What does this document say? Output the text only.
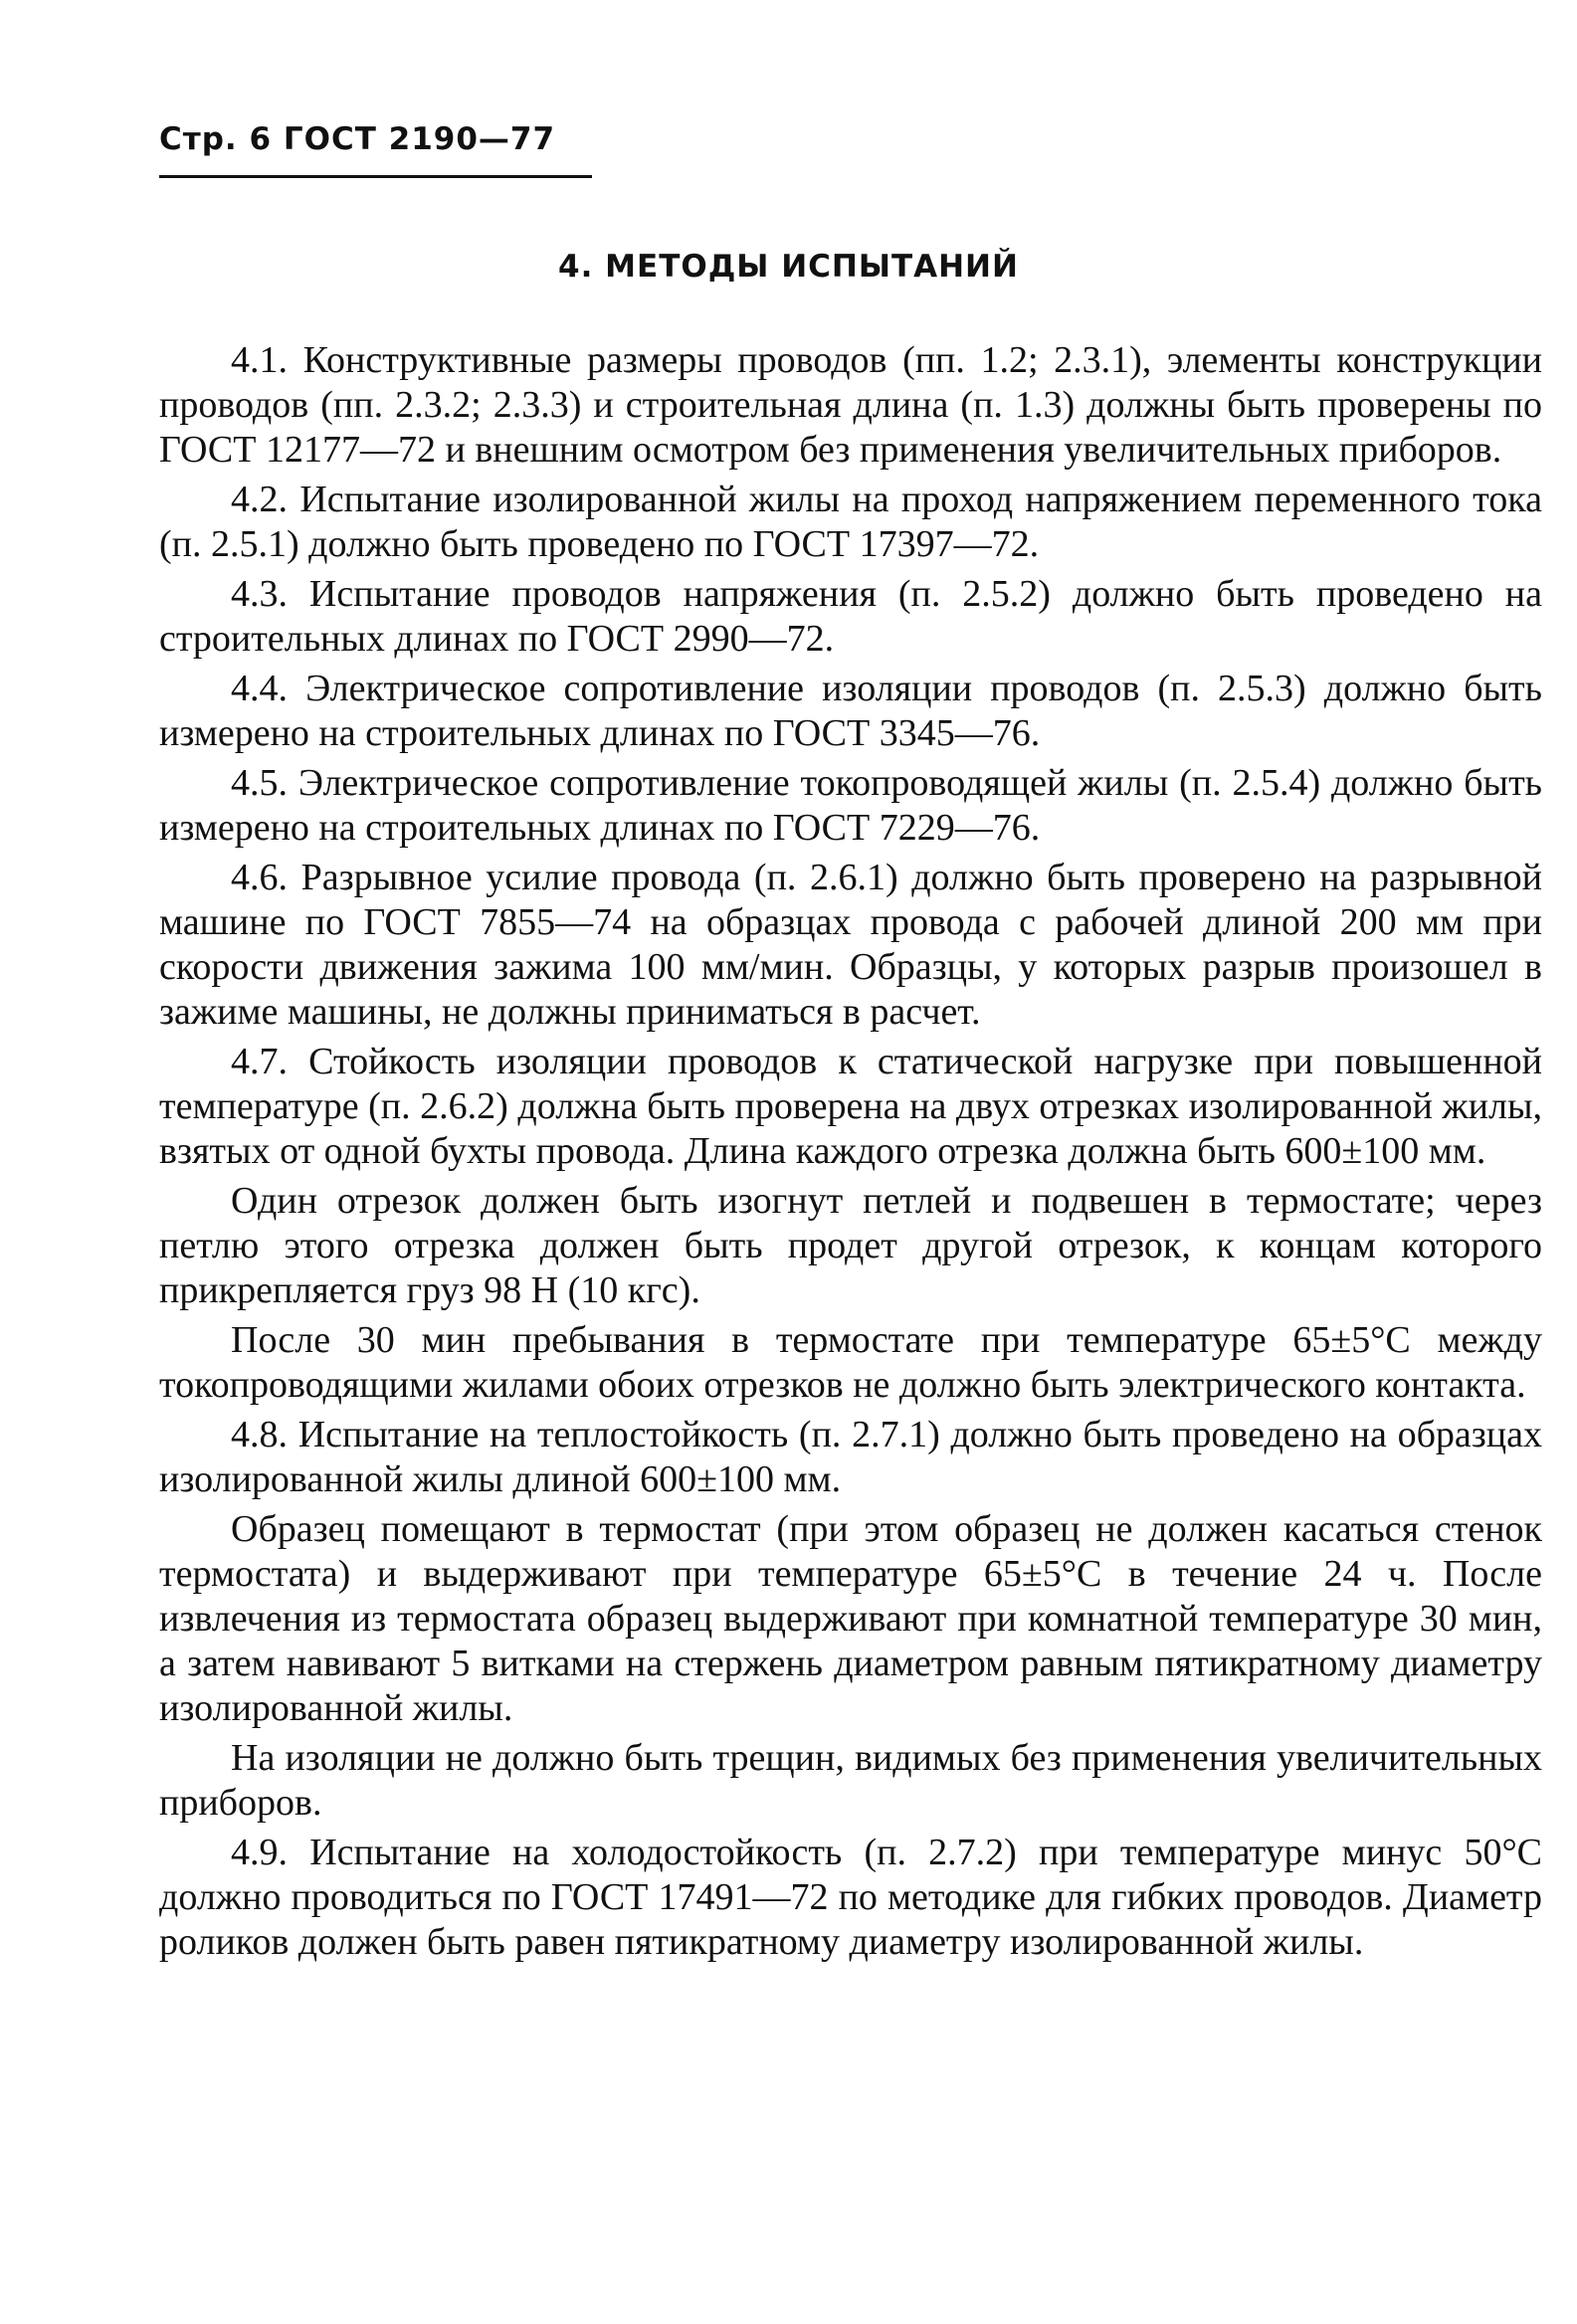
Стр. 6 ГОСТ 2190—77
4. МЕТОДЫ ИСПЫТАНИЙ

4.1. Конструктивные размеры проводов (пп. 1.2; 2.3.1), элементы конструкции проводов (пп. 2.3.2; 2.3.3) и строительная длина (п. 1.3) должны быть проверены по ГОСТ 12177—72 и внешним осмотром без применения увеличительных приборов.

4.2. Испытание изолированной жилы на проход напряжением переменного тока (п. 2.5.1) должно быть проведено по ГОСТ 17397—72.

4.3. Испытание проводов напряжения (п. 2.5.2) должно быть проведено на строительных длинах по ГОСТ 2990—72.

4.4. Электрическое сопротивление изоляции проводов (п. 2.5.3) должно быть измерено на строительных длинах по ГОСТ 3345—76.

4.5. Электрическое сопротивление токопроводящей жилы (п. 2.5.4) должно быть измерено на строительных длинах по ГОСТ 7229—76.

4.6. Разрывное усилие провода (п. 2.6.1) должно быть проверено на разрывной машине по ГОСТ 7855—74 на образцах провода с рабочей длиной 200 мм при скорости движения зажима 100 мм/мин. Образцы, у которых разрыв произошел в зажиме машины, не должны приниматься в расчет.

4.7. Стойкость изоляции проводов к статической нагрузке при повышенной температуре (п. 2.6.2) должна быть проверена на двух отрезках изолированной жилы, взятых от одной бухты провода. Длина каждого отрезка должна быть 600±100 мм.

Один отрезок должен быть изогнут петлей и подвешен в термостате; через петлю этого отрезка должен быть продет другой отрезок, к концам которого прикрепляется груз 98 Н (10 кгс).

После 30 мин пребывания в термостате при температуре 65±5°С между токопроводящими жилами обоих отрезков не должно быть электрического контакта.

4.8. Испытание на теплостойкость (п. 2.7.1) должно быть проведено на образцах изолированной жилы длиной 600±100 мм.

Образец помещают в термостат (при этом образец не должен касаться стенок термостата) и выдерживают при температуре 65±5°С в течение 24 ч. После извлечения из термостата образец выдерживают при комнатной температуре 30 мин, а затем навивают 5 витками на стержень диаметром равным пятикратному диаметру изолированной жилы.

На изоляции не должно быть трещин, видимых без применения увеличительных приборов.

4.9. Испытание на холодостойкость (п. 2.7.2) при температуре минус 50°С должно проводиться по ГОСТ 17491—72 по методике для гибких проводов. Диаметр роликов должен быть равен пятикратному диаметру изолированной жилы.
